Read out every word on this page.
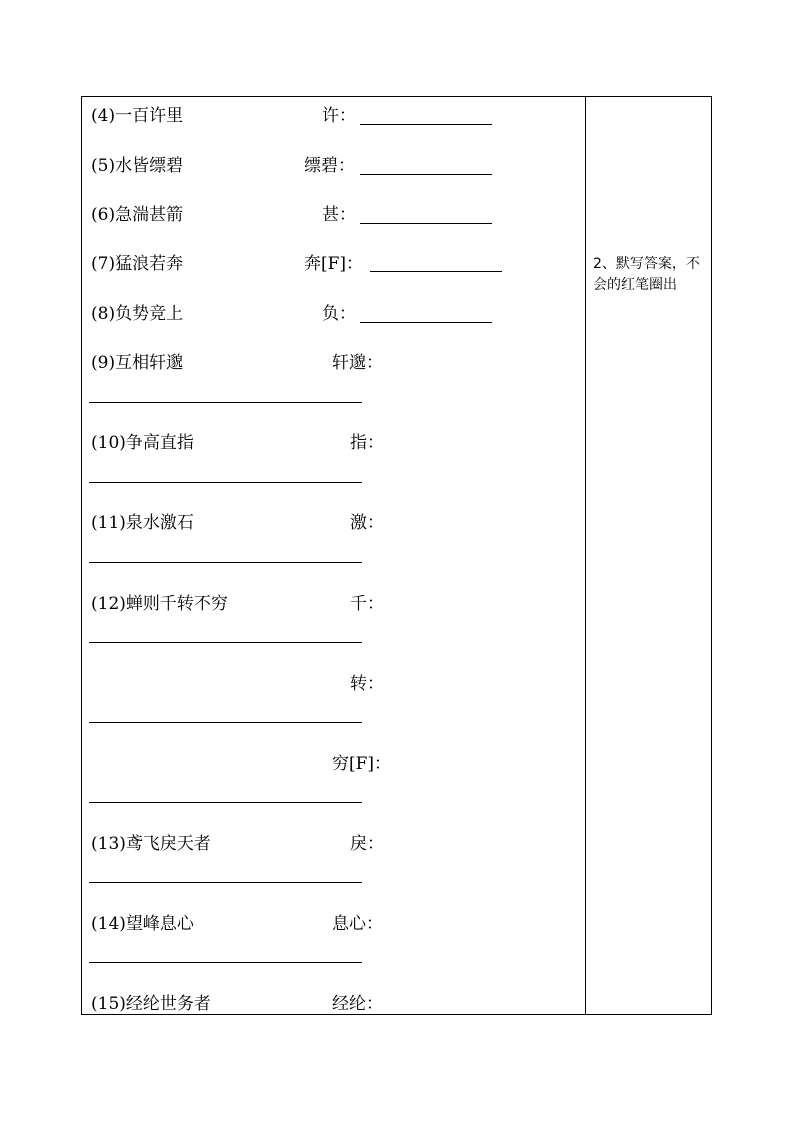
(4)一百许里	许：
(5)水皆缥碧	缥碧：
(6)急湍甚箭	甚：
(7)猛浪若奔	奔[F]：
(8)负势竞上	负：
(9)互相轩邈	轩邈：
(10)争高直指	指：
(11)泉水激石	激：
(12)蝉则千转不穷	千：
转：
穷[F]：
(13)鸢飞戾天者	戾：
(14)望峰息心	息心：
(15)经纶世务者	经纶：
2、默写答案，不会的红笔圈出
